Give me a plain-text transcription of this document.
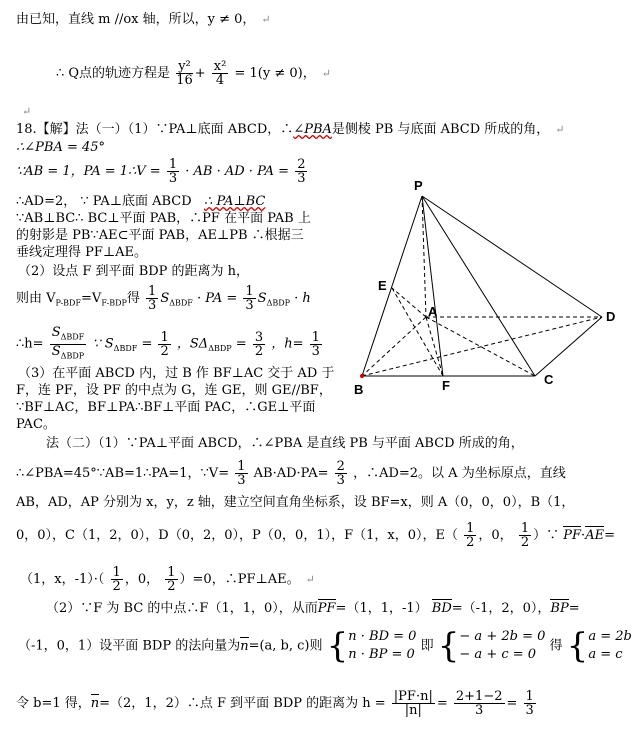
由已知，直线 m //ox 轴，所以，y ≠ 0， ↵
∴ Q点的轨迹方程是 $\frac{\text{y²}}{16} + \frac{\text{x²}}{4} = 1(y \ne 0)$， ↵
↵
18.【解】法（一）（1）∵PA⊥底面 ABCD，∴∠PBA是侧棱 PB 与底面 ABCD 所成的角， ↵
∴∠PBA = 45°
∵AB = 1，PA = 1∴V = $\frac{1}{3}$ · AB · AD · PA = $\frac{2}{3}$
∴AD=2， ∵ PA⊥底面 ABCD ∴ PA⊥BC
∵AB⊥BC∴ BC⊥平面 PAB，∴PF 在平面 PAB 上
的射影是 PB∵AE⊂平面 PAB，AE⊥PB ∴根据三
垂线定理得 PF⊥AE。
（2）设点 F 到平面 BDP 的距离为 h，
则由 $V_{P-BDF}=V_{F-BDP}$得 $\frac{1}{3} S_{\Delta BDF}$ · PA = $\frac{1}{3} S_{\Delta BDP} \cdot h$
∴h= $\frac{S_{\Delta BDF}}{S_{\Delta BDP}}$ ∵ $S_{\Delta BDF} = \frac{1}{2}$ ，$S\Delta_{\Delta BDP} = \frac{3}{2}$ ，$h= \frac{1}{3}$
（3）在平面 ABCD 内，过 B 作 BF⊥AC 交于 AD 于
F，连 PF，设 PF 的中点为 G，连 GE，则 GE//BF，
∵BF⊥AC，BF⊥PA∴BF⊥平面 PAC，∴GE⊥平面
PAC。
法（二）（1）∵PA⊥平面 ABCD，∴∠PBA 是直线 PB 与平面 ABCD 所成的角，
∴∠PBA=45°∵AB=1∴PA=1，∵V= $\frac{1}{3} AB\cdot AD\cdot PA= \frac{2}{3}$ ，∴AD=2。以 A 为坐标原点，直线
AB，AD，AP 分别为 x，y，z 轴，建立空间直角坐标系，设 BF=x，则 A（0，0，0），B（1，
0，0），C（1，2，0），D（0，2，0），P（0，0，1），F（1，x，0），$E( \frac{1}{2}$ ，0， $\frac{1}{2}$ ）∵ PF·AE=
（1，x，$-1)\cdot( \frac{1}{2}$ ，0， $\frac{1}{2} )=0$，∴PF⊥AE。 ↵
（2）∵F 为 BC 的中点∴F（1，1，0），从而PF=（1，1，-1） BD=（-1，2，0），BP=
（-1，0，1）设平面 BDP 的法向量为n=(a, b, c)则 {n · BD = 0
n · BP = 0 即 {− a + 2b = 0
− a + c = 0 得 {a = 2b
a = c
令 b=1 得，n=（2，1，2）∴点 F 到平面 BDP 的距离为 $h = \frac{|PF\cdot n|}{|n|} = \frac{2+1-2}{3} = \frac{1}{3}$
P
E
A	D
B	F	C
